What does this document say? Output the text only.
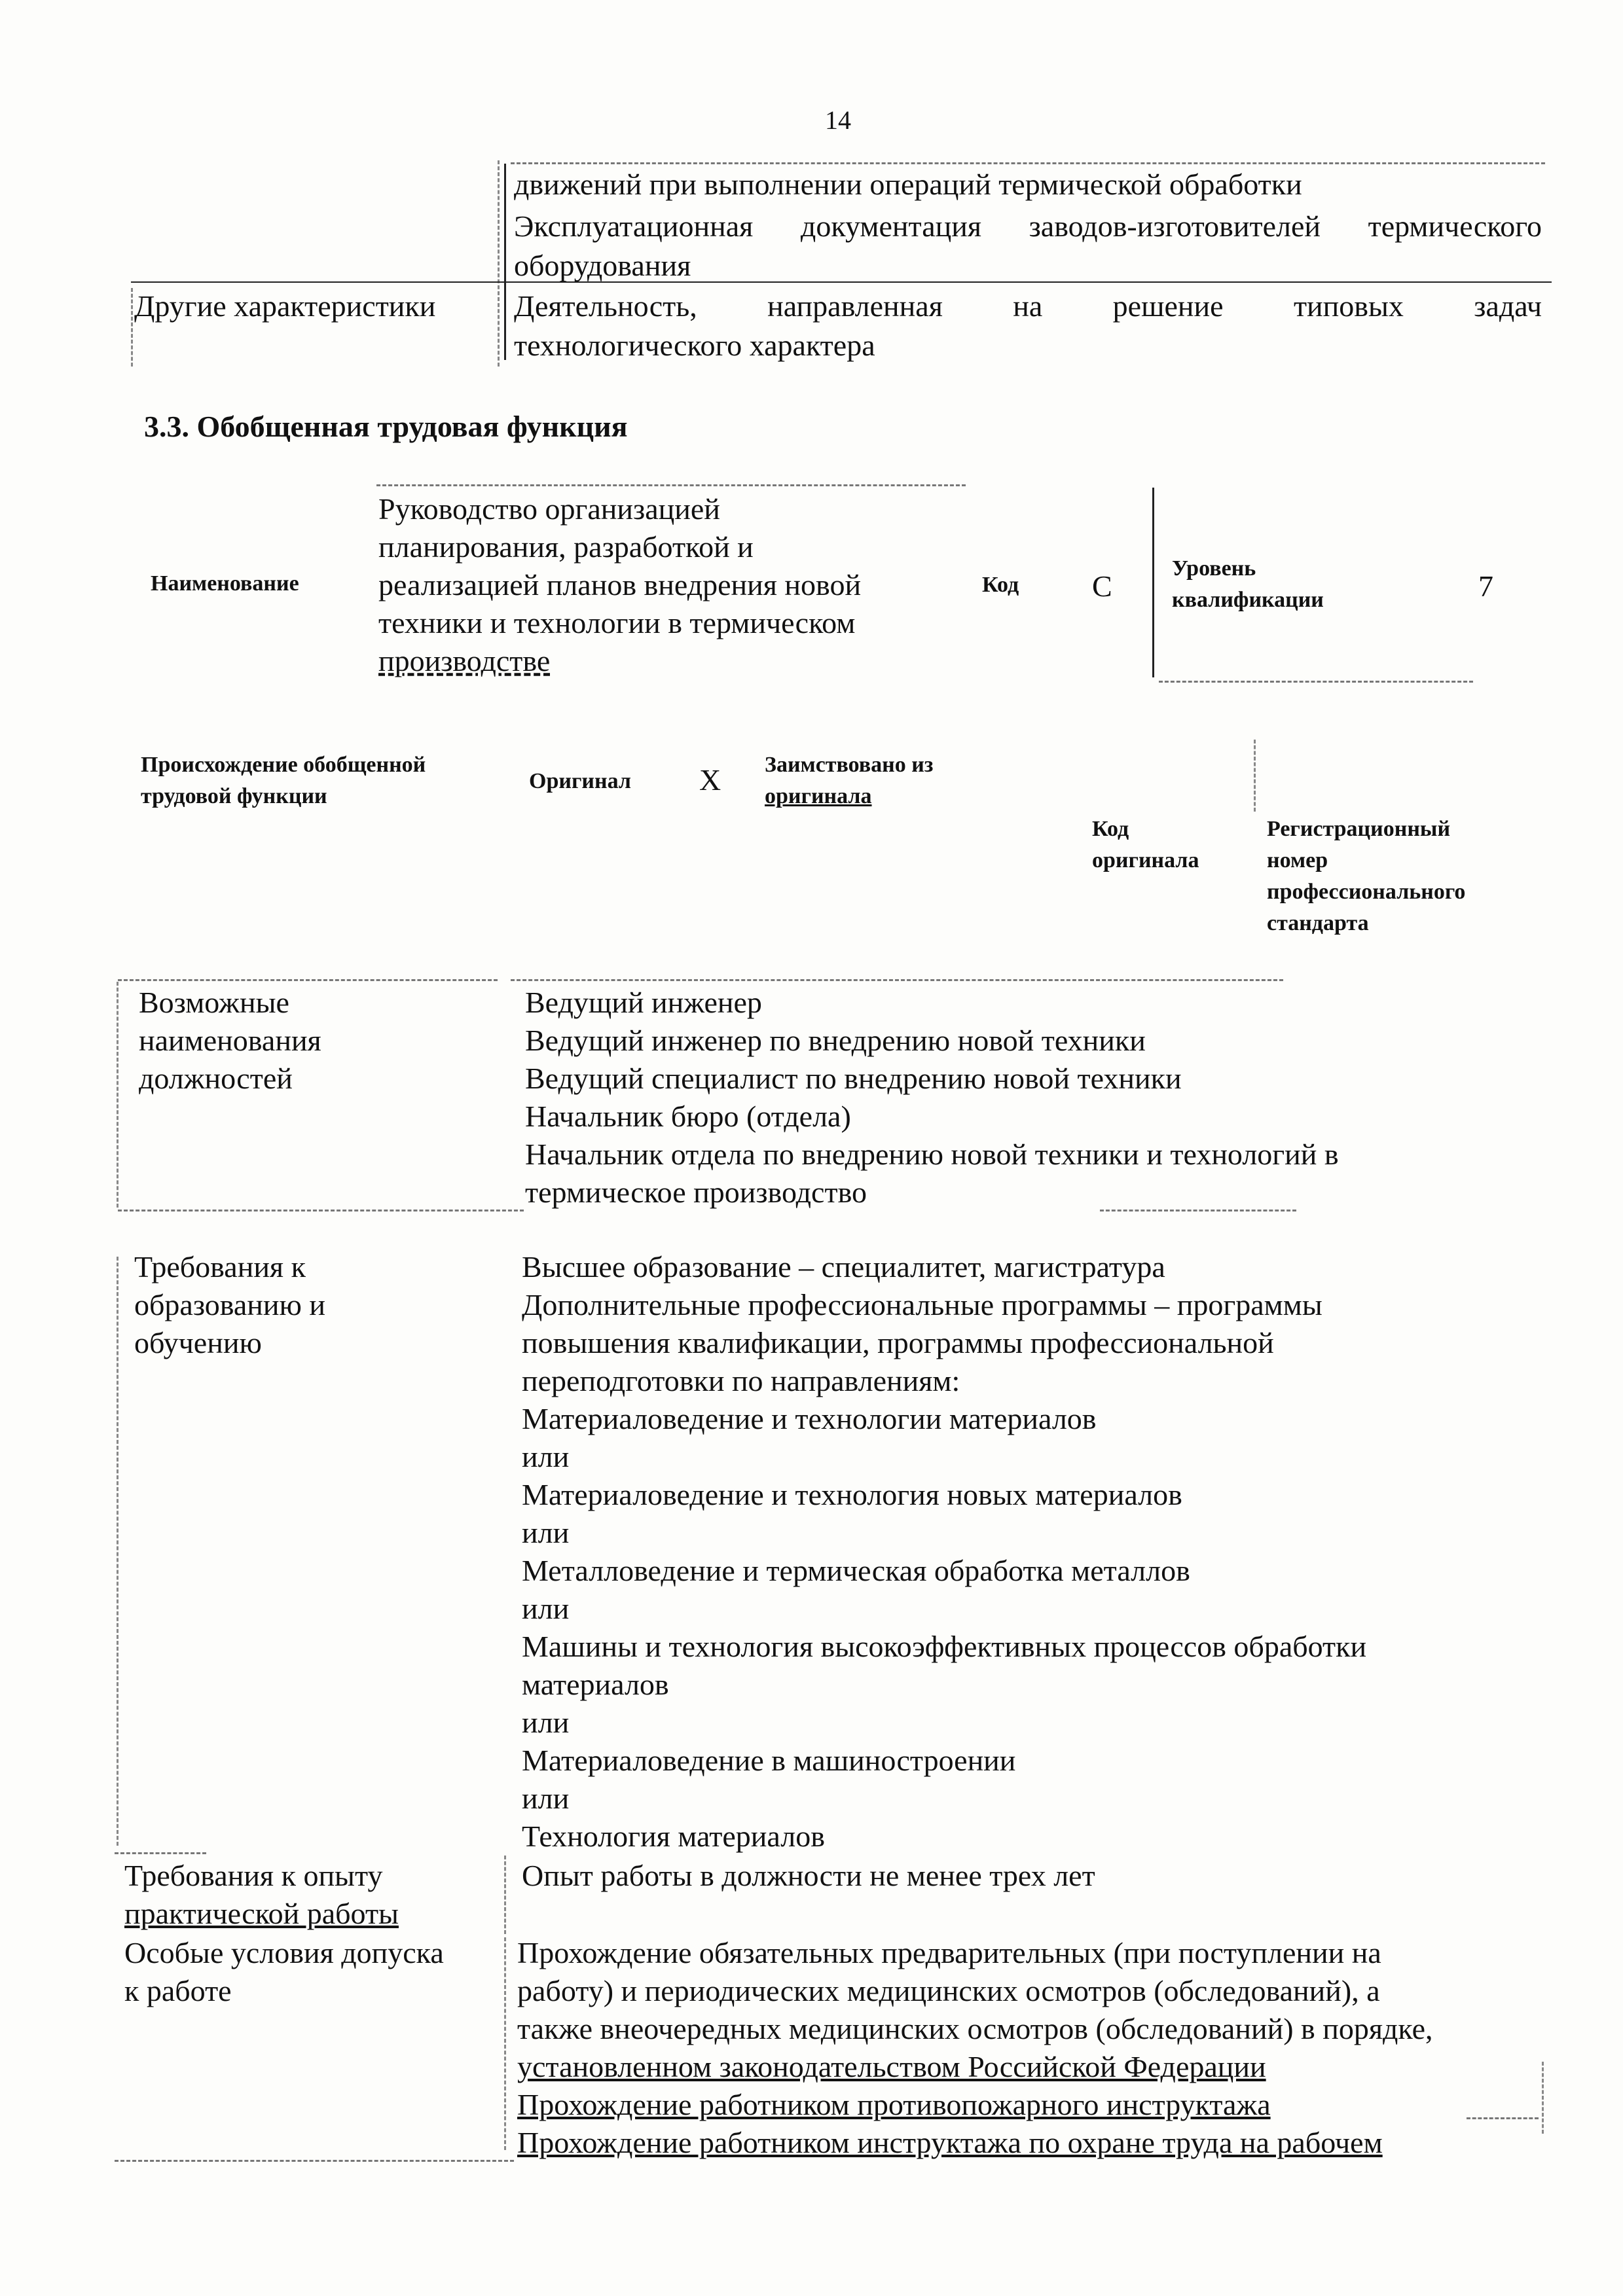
14
движений при выполнении операций термической обработки
Эксплуатационная документация заводов-изготовителей термического
оборудования
Другие характеристики	Деятельность, направленная на решение типовых задач
технологического характера
3.3. Обобщенная трудовая функция
Наименование
Руководство организацией
планирования, разработкой и
реализацией планов внедрения новой
техники и технологии в термическом
производстве
Код C
Уровень
квалификации	7
Происхождение обобщенной
трудовой функции
Оригинал X Заимствовано из
оригинала
Код
оригинала
Регистрационный
номер
профессионального
стандарта
Возможные
наименования
должностей
Ведущий инженер
Ведущий инженер по внедрению новой техники
Ведущий специалист по внедрению новой техники
Начальник бюро (отдела)
Начальник отдела по внедрению новой техники и технологий в
термическое производство
Требования к
образованию и
обучению
Высшее образование – специалитет, магистратура
Дополнительные профессиональные программы – программы
повышения квалификации, программы профессиональной
переподготовки по направлениям:
Материаловедение и технологии материалов
или
Материаловедение и технология новых материалов
или
Металловедение и термическая обработка металлов
или
Машины и технология высокоэффективных процессов обработки
материалов
или
Материаловедение в машиностроении
или
Технология материалов
Требования к опыту
практической работы
Опыт работы в должности не менее трех лет
Особые условия допуска
к работе
Прохождение обязательных предварительных (при поступлении на
работу) и периодических медицинских осмотров (обследований), а
также внеочередных медицинских осмотров (обследований) в порядке,
установленном законодательством Российской Федерации
Прохождение работником противопожарного инструктажа
Прохождение работником инструктажа по охране труда на рабочем
